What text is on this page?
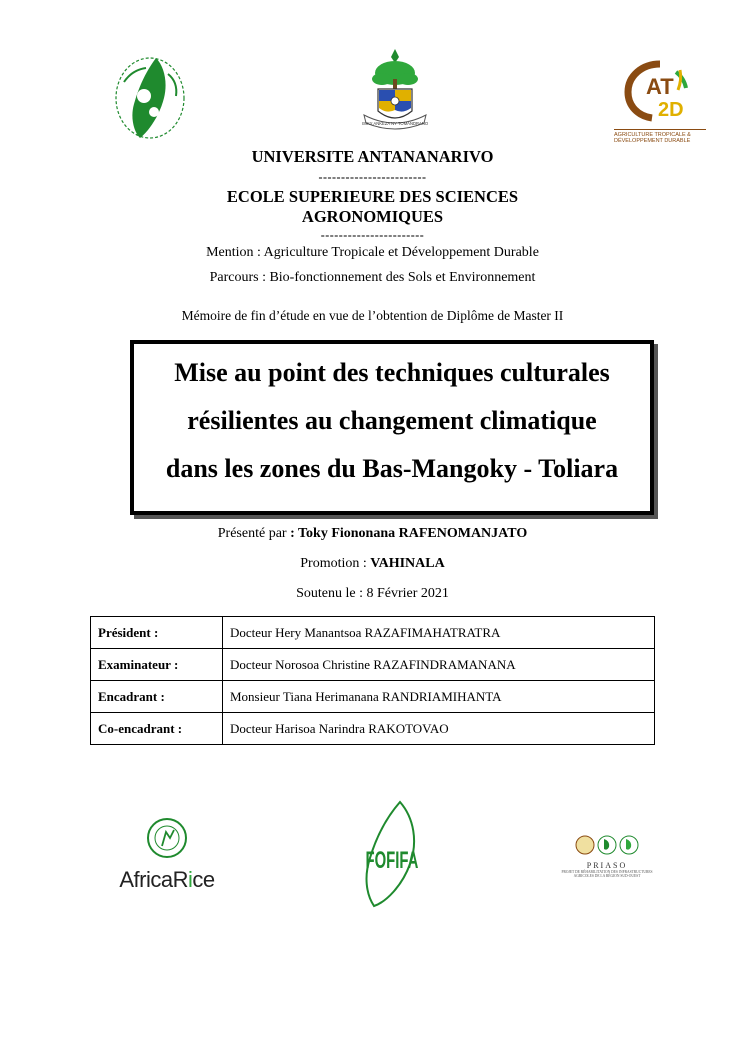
ISIKY ANKEZA NY TOMANDRANO
AT
2D
AGRICULTURE TROPICALE & DÉVELOPPEMENT DURABLE
UNIVERSITE ANTANANARIVO
------------------------
ECOLE SUPERIEURE DES SCIENCES
AGRONOMIQUES
-----------------------
Mention : Agriculture Tropicale et Développement Durable
Parcours : Bio-fonctionnement des Sols et Environnement
Mémoire de fin d’étude en vue de l’obtention de Diplôme de Master II
Mise au point des techniques culturales
résilientes au changement climatique
dans les zones du Bas-Mangoky - Toliara
Présenté par : Toky Fiononana RAFENOMANJATO
Promotion : VAHINALA
Soutenu le : 8 Février 2021
Président :	Docteur Hery Manantsoa RAZAFIMAHATRATRA
Examinateur :	Docteur Norosoa Christine RAZAFINDRAMANANA
Encadrant :	Monsieur Tiana Herimanana RANDRIAMIHANTA
Co-encadrant :	Docteur Harisoa Narindra RAKOTOVAO
AfricaRice
FOFIFA	PRIASO
PROJET DE RÉHABILITATION DES INFRASTRUCTURES AGRICOLES DE LA RÉGION SUD-OUEST
